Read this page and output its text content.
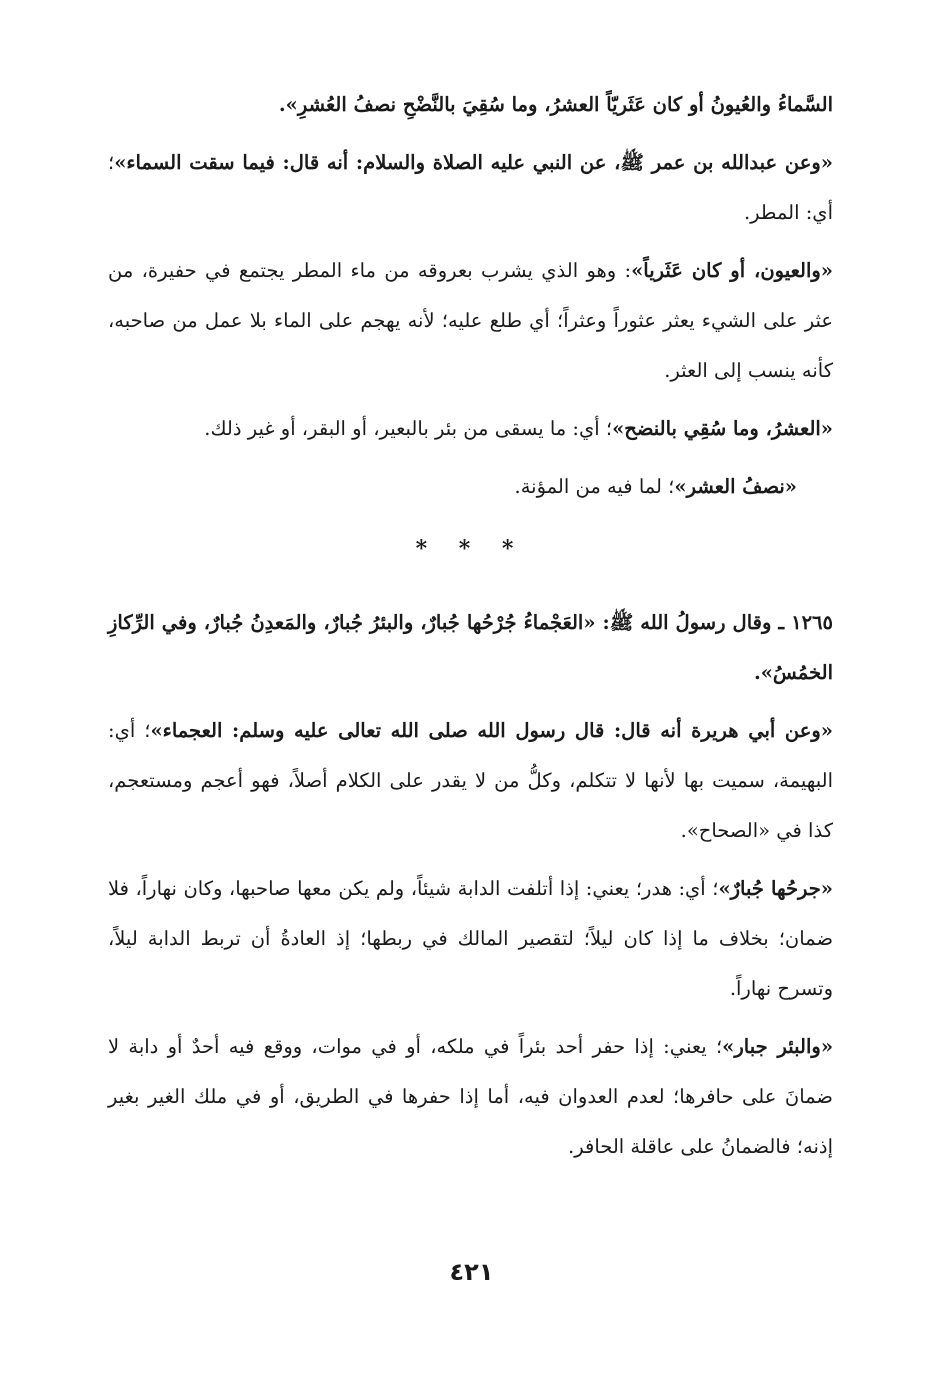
السَّماءُ والعُيونُ أو كان عَثَريّاً العشرُ، وما سُقِيَ بالنَّضْحِ نصفُ العُشرِ».

«وعن عبدالله بن عمر ﷺ، عن النبي عليه الصلاة والسلام: أنه قال: فيما سقت السماء»؛ أي: المطر.

«والعيون، أو كان عَثَرياً»: وهو الذي يشرب بعروقه من ماء المطر يجتمع في حفيرة، من عثر على الشيء يعثر عثوراً وعثراً؛ أي طلع عليه؛ لأنه يهجم على الماء بلا عمل من صاحبه، كأنه ينسب إلى العثر.

«العشرُ، وما سُقِي بالنضح»؛ أي: ما يسقى من بئر بالبعير، أو البقر، أو غير ذلك.

«نصفُ العشر»؛ لما فيه من المؤنة.

* * *

١٢٦٥ ـ وقال رسولُ الله ﷺ: «العَجْماءُ جُرْحُها جُبارٌ، والبئرُ جُبارٌ، والمَعدِنُ جُبارٌ، وفي الرِّكازِ الخمُسُ».

«وعن أبي هريرة أنه قال: قال رسول الله صلى الله تعالى عليه وسلم: العجماء»؛ أي: البهيمة، سميت بها لأنها لا تتكلم، وكلُّ من لا يقدر على الكلام أصلاً، فهو أعجم ومستعجم، كذا في «الصحاح».

«جرحُها جُبارٌ»؛ أي: هدر؛ يعني: إذا أتلفت الدابة شيئاً، ولم يكن معها صاحبها، وكان نهاراً، فلا ضمان؛ بخلاف ما إذا كان ليلاً؛ لتقصير المالك في ربطها؛ إذ العادةُ أن تربط الدابة ليلاً، وتسرح نهاراً.

«والبئر جبار»؛ يعني: إذا حفر أحد بئراً في ملكه، أو في موات، ووقع فيه أحدٌ أو دابة لا ضمانَ على حافرها؛ لعدم العدوان فيه، أما إذا حفرها في الطريق، أو في ملك الغير بغير إذنه؛ فالضمانُ على عاقلة الحافر.

٤٢١
